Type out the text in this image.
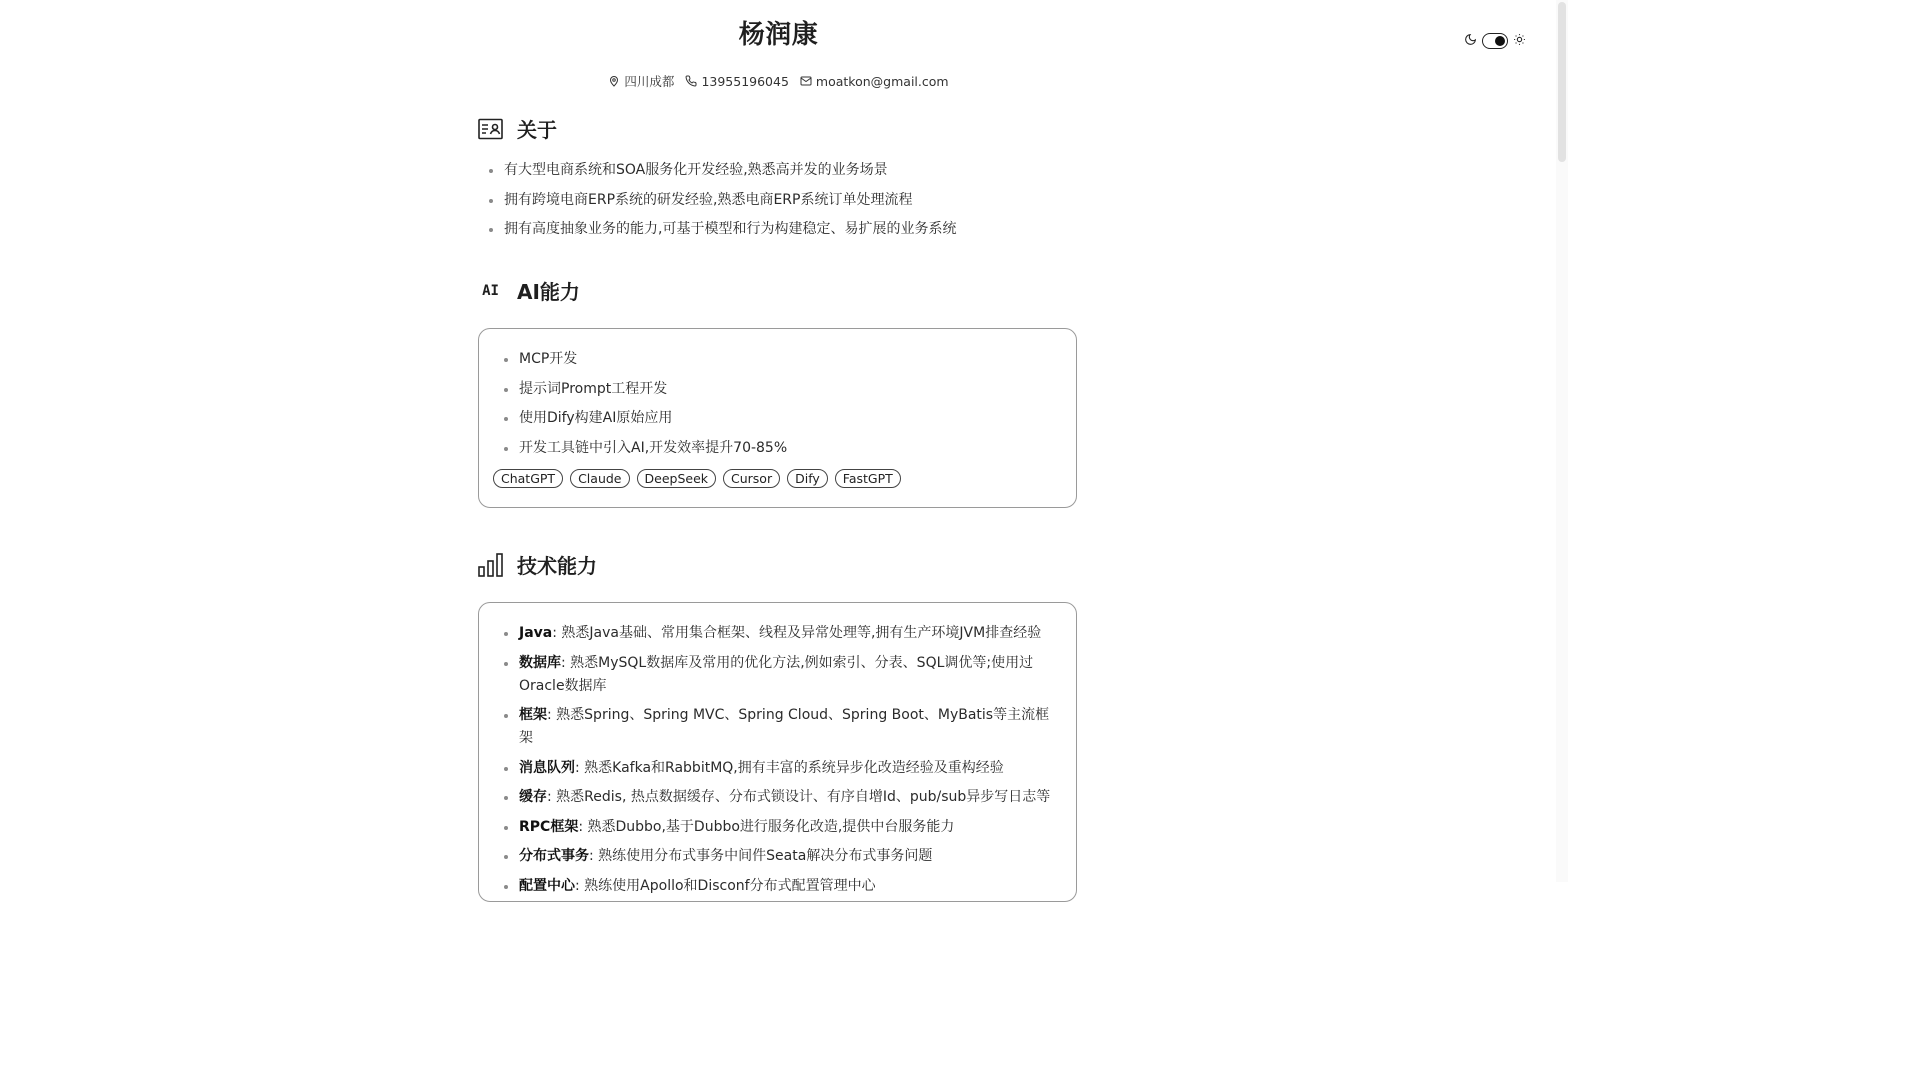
杨润康
四川成都 13955196045 moatkon@gmail.com
关于
• 有大型电商系统和SOA服务化开发经验,熟悉高并发的业务场景
• 拥有跨境电商ERP系统的研发经验,熟悉电商ERP系统订单处理流程
• 拥有高度抽象业务的能力,可基于模型和行为构建稳定、易扩展的业务系统
AI AI能力
• MCP开发
• 提示词Prompt工程开发
• 使用Dify构建AI原始应用
• 开发工具链中引入AI,开发效率提升70-85%
ChatGPT	Claude	DeepSeek	Cursor	Dify	FastGPT
技术能力
• Java: 熟悉Java基础、常用集合框架、线程及异常处理等,拥有生产环境JVM排查经验
• 数据库: 熟悉MySQL数据库及常用的优化方法,例如索引、分表、SQL调优等;使用过Oracle数据库
• 框架: 熟悉Spring、Spring MVC、Spring Cloud、Spring Boot、MyBatis等主流框架
• 消息队列: 熟悉Kafka和RabbitMQ,拥有丰富的系统异步化改造经验及重构经验
• 缓存: 熟悉Redis, 热点数据缓存、分布式锁设计、有序自增Id、pub/sub异步写日志等
• RPC框架: 熟悉Dubbo,基于Dubbo进行服务化改造,提供中台服务能力
• 分布式事务: 熟练使用分布式事务中间件Seata解决分布式事务问题
• 配置中心: 熟练使用Apollo和Disconf分布式配置管理中心
